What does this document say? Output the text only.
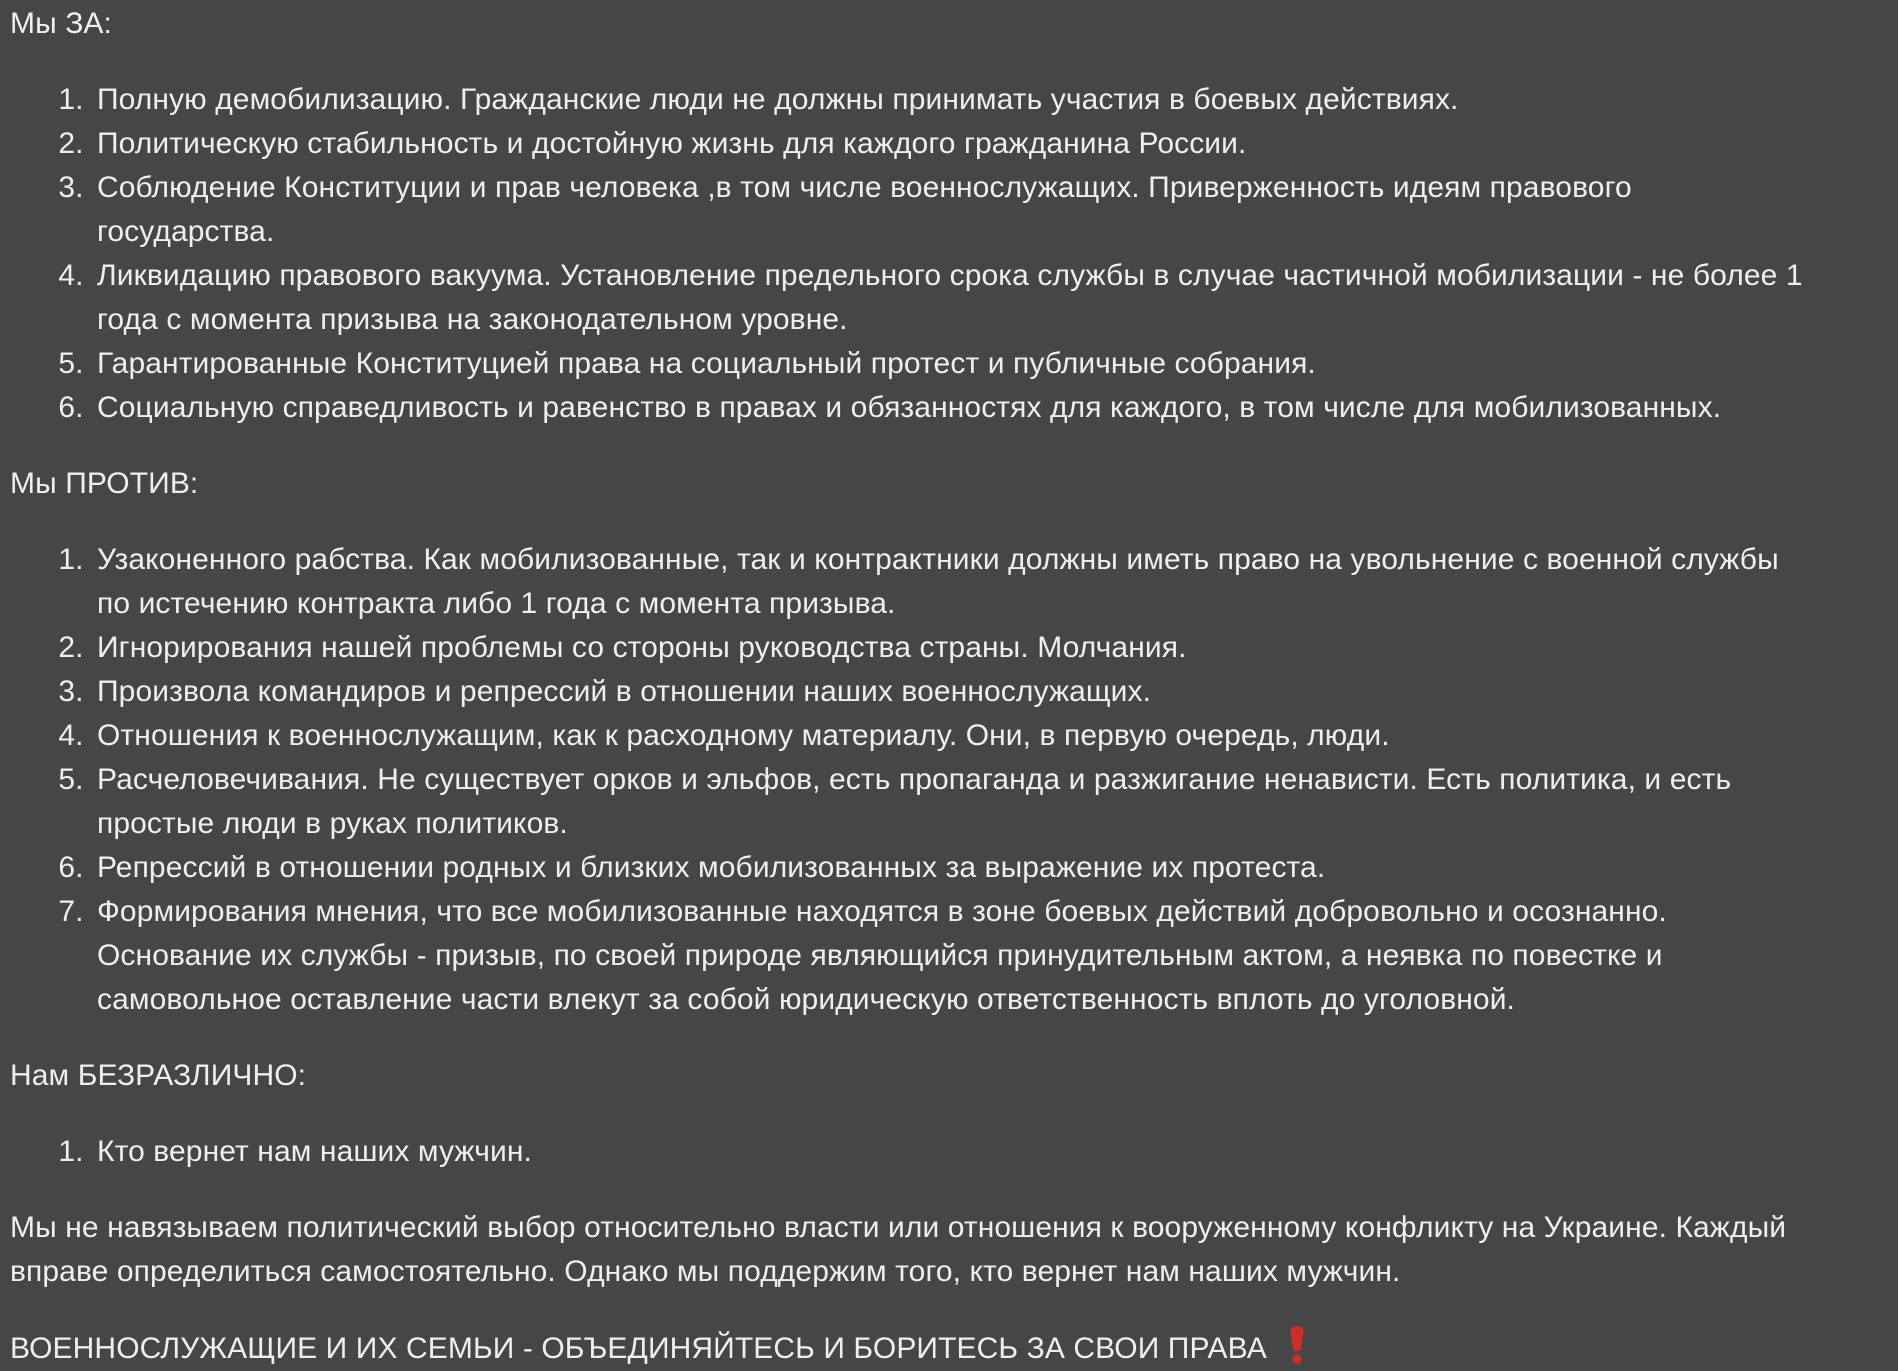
Мы ЗА:

1. Полную демобилизацию. Гражданские люди не должны принимать участия в боевых действиях.
2. Политическую стабильность и достойную жизнь для каждого гражданина России.
3. Соблюдение Конституции и прав человека ,в том числе военнослужащих. Приверженность идеям правового государства.
4. Ликвидацию правового вакуума. Установление предельного срока службы в случае частичной мобилизации - не более 1 года с момента призыва на законодательном уровне.
5. Гарантированные Конституцией права на социальный протест и публичные собрания.
6. Социальную справедливость и равенство в правах и обязанностях для каждого, в том числе для мобилизованных.

Мы ПРОТИВ:

1. Узаконенного рабства. Как мобилизованные, так и контрактники должны иметь право на увольнение с военной службы по истечению контракта либо 1 года с момента призыва.
2. Игнорирования нашей проблемы со стороны руководства страны. Молчания.
3. Произвола командиров и репрессий в отношении наших военнослужащих.
4. Отношения к военнослужащим, как к расходному материалу. Они, в первую очередь, люди.
5. Расчеловечивания. Не существует орков и эльфов, есть пропаганда и разжигание ненависти. Есть политика, и есть простые люди в руках политиков.
6. Репрессий в отношении родных и близких мобилизованных за выражение их протеста.
7. Формирования мнения, что все мобилизованные находятся в зоне боевых действий добровольно и осознанно. Основание их службы - призыв, по своей природе являющийся принудительным актом, а неявка по повестке и самовольное оставление части влекут за собой юридическую ответственность вплоть до уголовной.

Нам БЕЗРАЗЛИЧНО:

1. Кто вернет нам наших мужчин.

Мы не навязываем политический выбор относительно власти или отношения к вооруженному конфликту на Украине. Каждый вправе определиться самостоятельно. Однако мы поддержим того, кто вернет нам наших мужчин.

ВОЕННОСЛУЖАЩИЕ И ИХ СЕМЬИ - ОБЪЕДИНЯЙТЕСЬ И БОРИТЕСЬ ЗА СВОИ ПРАВА
